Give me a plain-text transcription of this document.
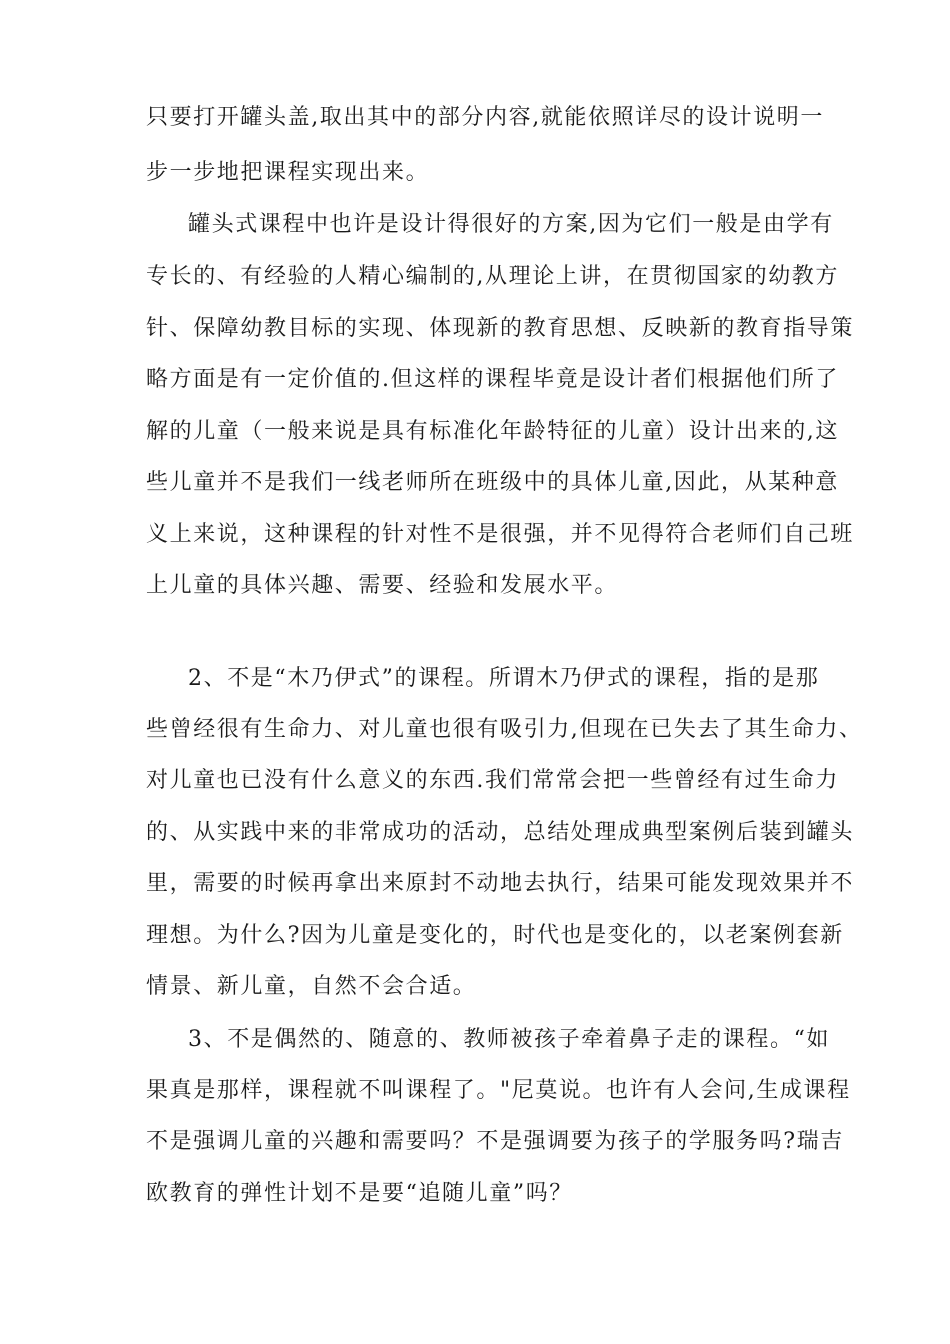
只要打开罐头盖,取出其中的部分内容,就能依照详尽的设计说明一
步一步地把课程实现出来。
罐头式课程中也许是设计得很好的方案,因为它们一般是由学有
专长的、有经验的人精心编制的,从理论上讲，在贯彻国家的幼教方
针、保障幼教目标的实现、体现新的教育思想、反映新的教育指导策
略方面是有一定价值的.但这样的课程毕竟是设计者们根据他们所了
解的儿童（一般来说是具有标准化年龄特征的儿童）设计出来的,这
些儿童并不是我们一线老师所在班级中的具体儿童,因此，从某种意
义上来说，这种课程的针对性不是很强，并不见得符合老师们自己班
上儿童的具体兴趣、需要、经验和发展水平。
2、不是“木乃伊式”的课程。所谓木乃伊式的课程，指的是那
些曾经很有生命力、对儿童也很有吸引力,但现在已失去了其生命力、
对儿童也已没有什么意义的东西.我们常常会把一些曾经有过生命力
的、从实践中来的非常成功的活动，总结处理成典型案例后装到罐头
里，需要的时候再拿出来原封不动地去执行，结果可能发现效果并不
理想。为什么?因为儿童是变化的，时代也是变化的，以老案例套新
情景、新儿童，自然不会合适。
3、不是偶然的、随意的、教师被孩子牵着鼻子走的课程。“如
果真是那样，课程就不叫课程了。"尼莫说。也许有人会问,生成课程
不是强调儿童的兴趣和需要吗？不是强调要为孩子的学服务吗?瑞吉
欧教育的弹性计划不是要“追随儿童”吗？
